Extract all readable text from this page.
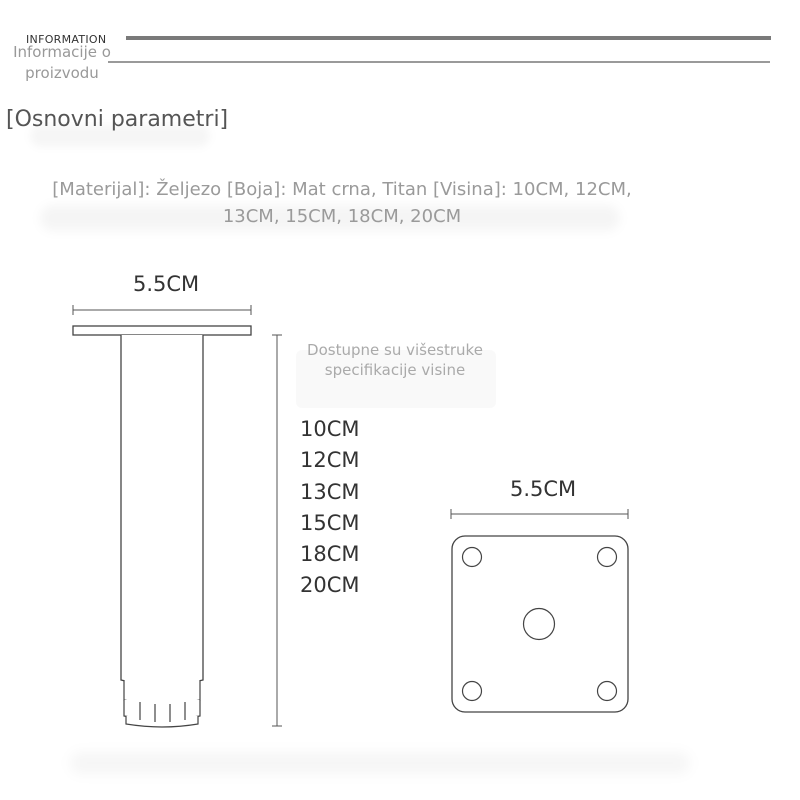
INFORMATION
Informacije o proizvodu
[Osnovni parametri]
[Materijal]: Željezo [Boja]: Mat crna, Titan [Visina]: 10CM, 12CM, 13CM, 15CM, 18CM, 20CM
5.5CM
5.5CM
Dostupne su višestruke specifikacije visine
10CM
12CM
13CM
15CM
18CM
20CM
